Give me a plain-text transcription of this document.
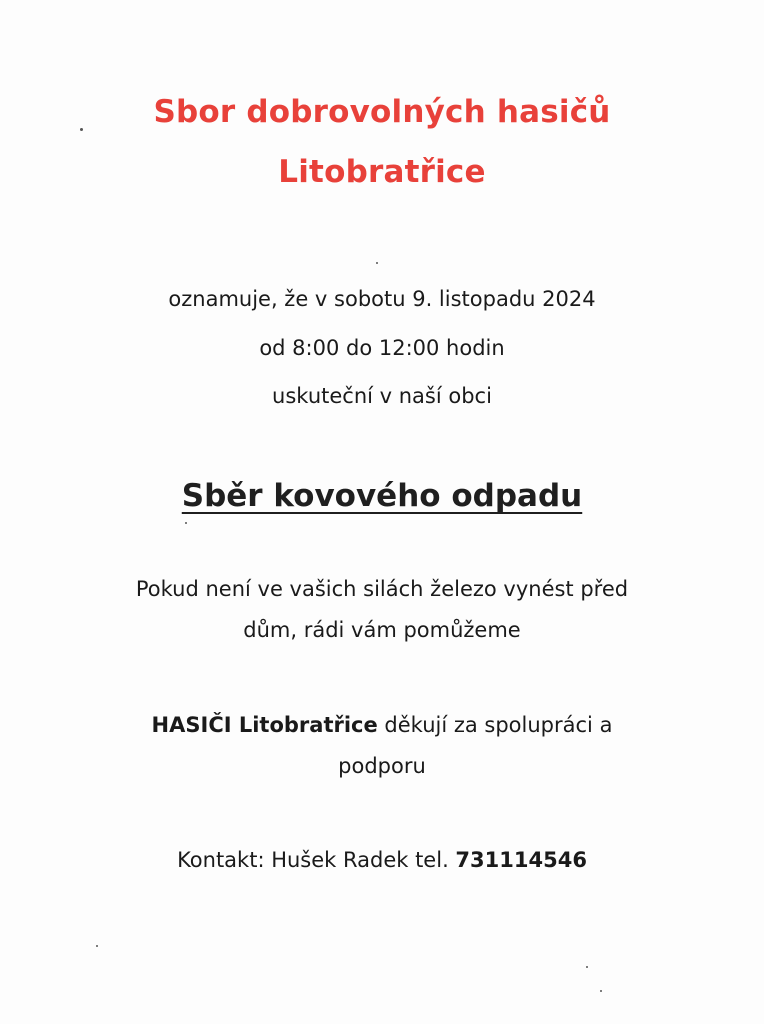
Sbor dobrovolných hasičů
Litobratřice
oznamuje, že v sobotu 9. listopadu 2024
od 8:00 do 12:00 hodin
uskuteční v naší obci
Sběr kovového odpadu
Pokud není ve vašich silách železo vynést před
dům, rádi vám pomůžeme
HASIČI Litobratřice děkují za spolupráci a
podporu
Kontakt: Hušek Radek tel. 731114546
